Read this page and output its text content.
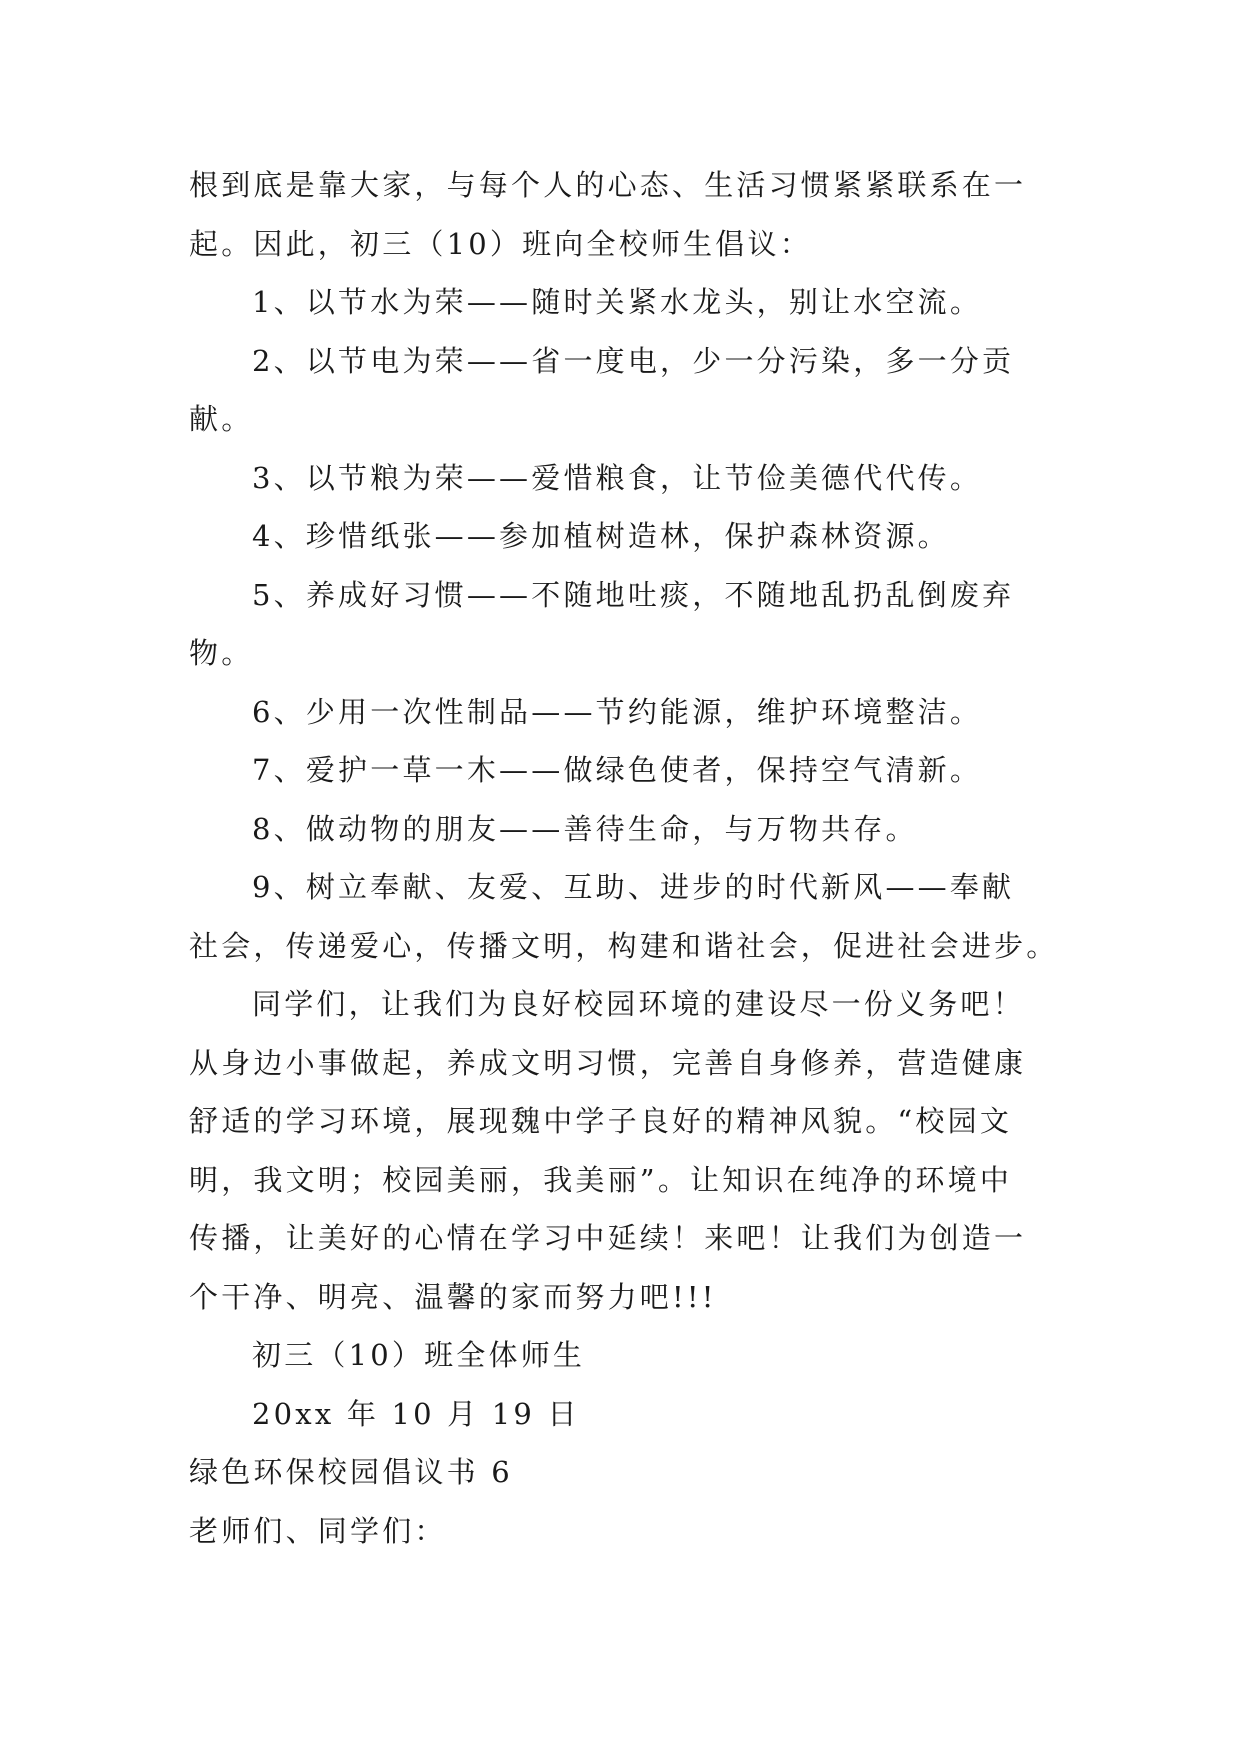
根到底是靠大家，与每个人的心态、生活习惯紧紧联系在一
起。因此，初三（10）班向全校师生倡议：
1、以节水为荣——随时关紧水龙头，别让水空流。
2、以节电为荣——省一度电，少一分污染，多一分贡
献。
3、以节粮为荣——爱惜粮食，让节俭美德代代传。
4、珍惜纸张——参加植树造林，保护森林资源。
5、养成好习惯——不随地吐痰，不随地乱扔乱倒废弃
物。
6、少用一次性制品——节约能源，维护环境整洁。
7、爱护一草一木——做绿色使者，保持空气清新。
8、做动物的朋友——善待生命，与万物共存。
9、树立奉献、友爱、互助、进步的时代新风——奉献
社会，传递爱心，传播文明，构建和谐社会，促进社会进步。
同学们，让我们为良好校园环境的建设尽一份义务吧！
从身边小事做起，养成文明习惯，完善自身修养，营造健康
舒适的学习环境，展现魏中学子良好的精神风貌。“校园文
明，我文明；校园美丽，我美丽”。让知识在纯净的环境中
传播，让美好的心情在学习中延续！来吧！让我们为创造一
个干净、明亮、温馨的家而努力吧!!!
初三（10）班全体师生
20xx 年 10 月 19 日
绿色环保校园倡议书 6
老师们、同学们：
